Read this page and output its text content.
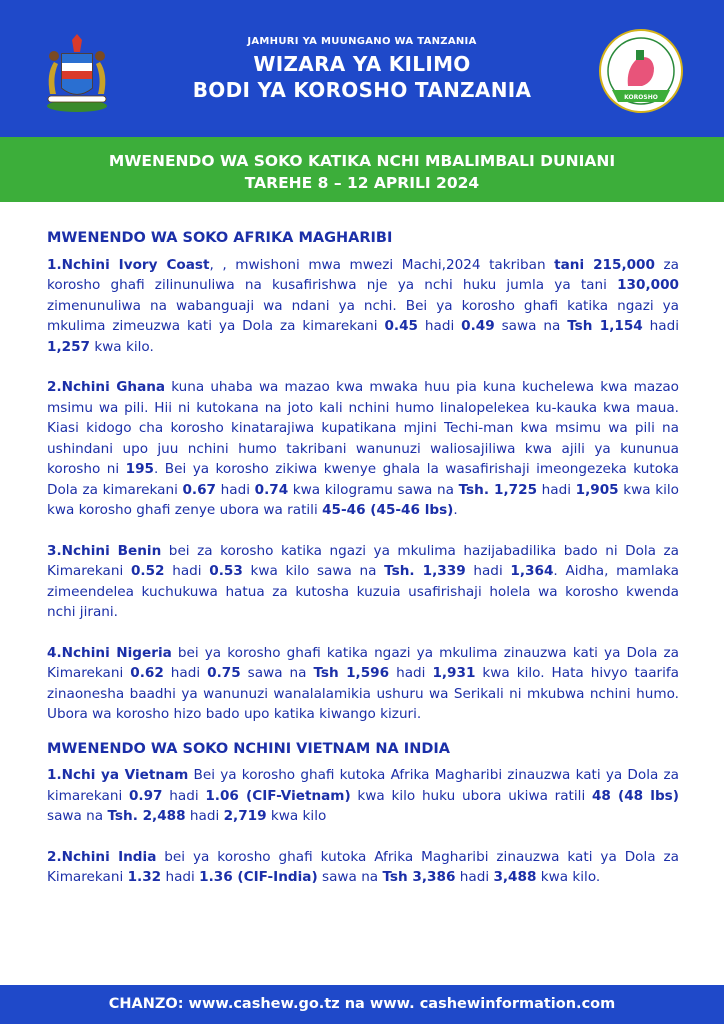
JAMHURI YA MUUNGANO WA TANZANIA
WIZARA YA KILIMO
BODI YA KOROSHO TANZANIA	KOROSHO
MWENENDO WA SOKO KATIKA NCHI MBALIMBALI DUNIANI
TAREHE 8 – 12 APRILI 2024
MWENENDO WA SOKO AFRIKA MAGHARIBI
1.Nchini Ivory Coast, , mwishoni mwa mwezi Machi,2024 takriban tani 215,000 za korosho ghafi zilinunuliwa na kusafirishwa nje ya nchi huku jumla ya tani 130,000 zimenunuliwa na wabanguaji wa ndani ya nchi. Bei ya korosho ghafi katika ngazi ya mkulima zimeuzwa kati ya Dola za kimarekani 0.45 hadi 0.49 sawa na Tsh 1,154 hadi 1,257 kwa kilo.
2.Nchini Ghana kuna uhaba wa mazao kwa mwaka huu pia kuna kuchelewa kwa mazao msimu wa pili. Hii ni kutokana na joto kali nchini humo linalopelekea ku-kauka kwa maua. Kiasi kidogo cha korosho kinatarajiwa kupatikana mjini Techi-man kwa msimu wa pili na ushindani upo juu nchini humo takribani wanunuzi waliosajiliwa kwa ajili ya kununua korosho ni 195. Bei ya korosho zikiwa kwenye ghala la wasafirishaji imeongezeka kutoka Dola za kimarekani 0.67 hadi 0.74 kwa kilogramu sawa na Tsh. 1,725 hadi 1,905 kwa kilo kwa korosho ghafi zenye ubora wa ratili 45-46 (45-46 lbs).
3.Nchini Benin bei za korosho katika ngazi ya mkulima hazijabadilika bado ni Dola za Kimarekani 0.52 hadi 0.53 kwa kilo sawa na Tsh. 1,339 hadi 1,364. Aidha, mamlaka zimeendelea kuchukuwa hatua za kutosha kuzuia usafirishaji holela wa korosho kwenda nchi jirani.
4.Nchini Nigeria bei ya korosho ghafi katika ngazi ya mkulima zinauzwa kati ya Dola za Kimarekani 0.62 hadi 0.75 sawa na Tsh 1,596 hadi 1,931 kwa kilo. Hata hivyo taarifa zinaonesha baadhi ya wanunuzi wanalalamikia ushuru wa Serikali ni mkubwa nchini humo. Ubora wa korosho hizo bado upo katika kiwango kizuri.
MWENENDO WA SOKO NCHINI VIETNAM NA INDIA
1.Nchi ya Vietnam Bei ya korosho ghafi kutoka Afrika Magharibi zinauzwa kati ya Dola za kimarekani 0.97 hadi 1.06 (CIF-Vietnam) kwa kilo huku ubora ukiwa ratili 48 (48 lbs) sawa na Tsh. 2,488 hadi 2,719 kwa kilo
2.Nchini India bei ya korosho ghafi kutoka Afrika Magharibi zinauzwa kati ya Dola za Kimarekani 1.32 hadi 1.36 (CIF-India) sawa na Tsh 3,386 hadi 3,488 kwa kilo.
CHANZO: www.cashew.go.tz na www. cashewinformation.com
